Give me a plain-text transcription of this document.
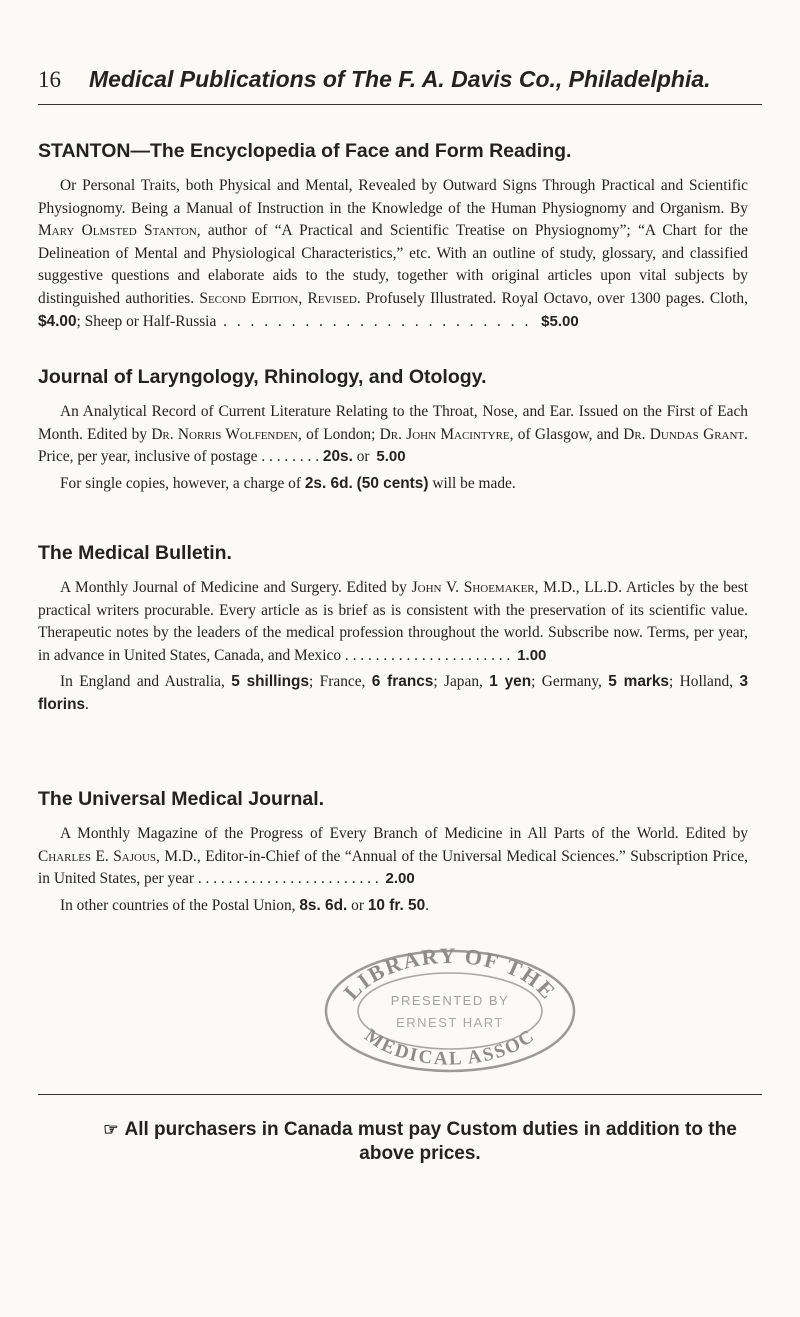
16 Medical Publications of The F. A. Davis Co., Philadelphia.
STANTON—The Encyclopedia of Face and Form Reading.

Or Personal Traits, both Physical and Mental, Revealed by Outward Signs Through Practical and Scientific Physiognomy. Being a Manual of Instruction in the Knowledge of the Human Physiognomy and Organism. By Mary Olmsted Stanton, author of “A Practical and Scientific Treatise on Physiognomy”; “A Chart for the Delineation of Mental and Physiological Characteristics,” etc. With an outline of study, glossary, and classified suggestive questions and elaborate aids to the study, together with original articles upon vital subjects by distinguished authorities. Second Edition, Revised. Profusely Illustrated. Royal Octavo, over 1300 pages. Cloth, $4.00; Sheep or Half-Russia . . . . . . . . . . . . . . . . . . . . . . . $5.00

Journal of Laryngology, Rhinology, and Otology.

An Analytical Record of Current Literature Relating to the Throat, Nose, and Ear. Issued on the First of Each Month. Edited by Dr. Norris Wolfenden, of London; Dr. John Macintyre, of Glasgow, and Dr. Dundas Grant. Price, per year, inclusive of postage . . . . . . . . 20s. or 5.00

For single copies, however, a charge of 2s. 6d. (50 cents) will be made.

The Medical Bulletin.

A Monthly Journal of Medicine and Surgery. Edited by John V. Shoemaker, M.D., LL.D. Articles by the best practical writers procurable. Every article as is brief as is consistent with the preservation of its scientific value. Therapeutic notes by the leaders of the medical profession throughout the world. Subscribe now. Terms, per year, in advance in United States, Canada, and Mexico . . . . . . . . . . . . . . . . . . . . . . 1.00

In England and Australia, 5 shillings; France, 6 francs; Japan, 1 yen; Germany, 5 marks; Holland, 3 florins.

The Universal Medical Journal.

A Monthly Magazine of the Progress of Every Branch of Medicine in All Parts of the World. Edited by Charles E. Sajous, M.D., Editor-in-Chief of the “Annual of the Universal Medical Sciences.” Subscription Price, in United States, per year . . . . . . . . . . . . . . . . . . . . . . . . 2.00

In other countries of the Postal Union, 8s. 6d. or 10 fr. 50.

LIBRARY OF THE
MEDICAL ASSOC
PRESENTED BY
ERNEST HART
☞ All purchasers in Canada must pay Custom duties in addition to the above prices.
